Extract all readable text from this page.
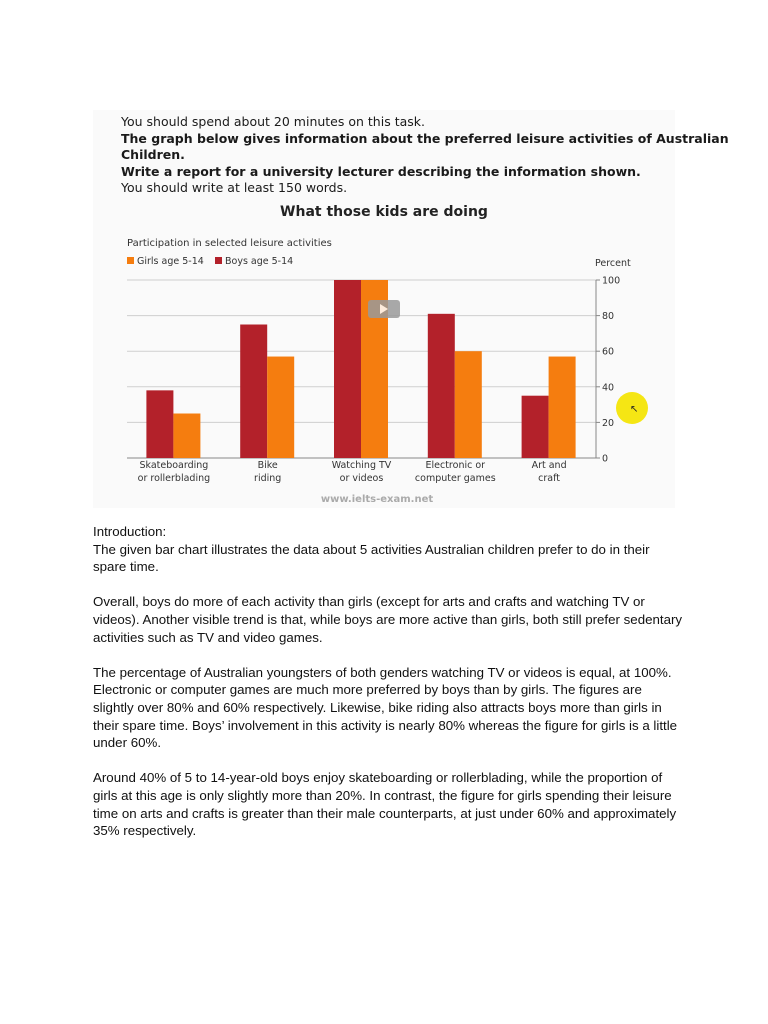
You should spend about 20 minutes on this task.
The graph below gives information about the preferred leisure activities of Australian
Children.
Write a report for a university lecturer describing the information shown.
You should write at least 150 words.
What those kids are doing
Participation in selected leisure activities
Girls age 5-14 Boys age 5-14	Percent
0
20
40
60
80
100
Skateboarding
or rollerblading
Bike
riding
Watching TV
or videos
Electronic or
computer games
Art and
craft
www.ielts-exam.net
↖

Introduction:
The given bar chart illustrates the data about 5 activities Australian children prefer to do in their spare time.

Overall, boys do more of each activity than girls (except for arts and crafts and watching TV or videos). Another visible trend is that, while boys are more active than girls, both still prefer sedentary activities such as TV and video games.

The percentage of Australian youngsters of both genders watching TV or videos is equal, at 100%. Electronic or computer games are much more preferred by boys than by girls. The figures are slightly over 80% and 60% respectively. Likewise, bike riding also attracts boys more than girls in their spare time. Boys’ involvement in this activity is nearly 80% whereas the figure for girls is a little under 60%.

Around 40% of 5 to 14-year-old boys enjoy skateboarding or rollerblading, while the proportion of girls at this age is only slightly more than 20%. In contrast, the figure for girls spending their leisure time on arts and crafts is greater than their male counterparts, at just under 60% and approximately 35% respectively.
